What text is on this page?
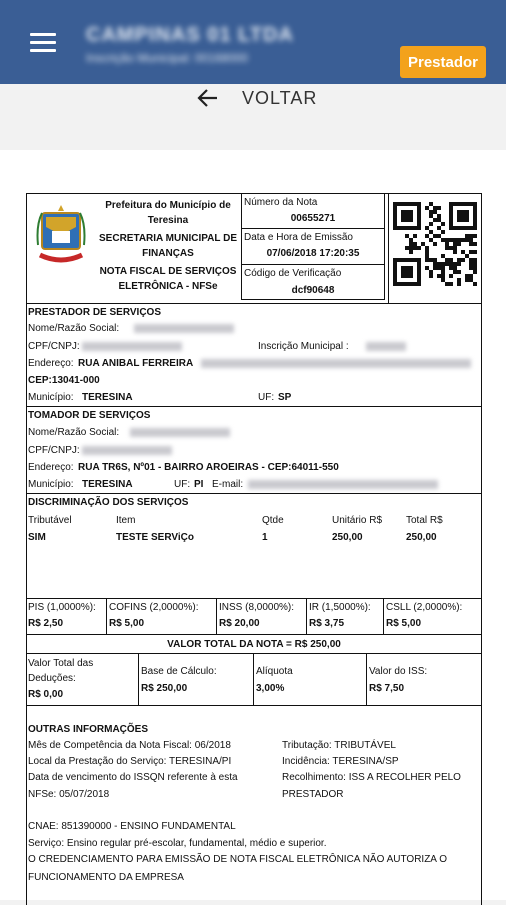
CAMPINAS 01 LTDA
Inscrição Municipal: 00168000	Prestador
VOLTAR
Prefeitura do Município de
Teresina
SECRETARIA MUNICIPAL DE
FINANÇAS
NOTA FISCAL DE SERVIÇOS
ELETRÔNICA - NFSe
Número da Nota
00655271
Data e Hora de Emissão
07/06/2018 17:20:35
Código de Verificação
dcf90648
PRESTADOR DE SERVIÇOS
Nome/Razão Social:
CPF/CNPJ:	Inscrição Municipal :
Endereço: RUA ANIBAL FERREIRA
CEP:13041-000
Município: TERESINA	UF: SP
TOMADOR DE SERVIÇOS
Nome/Razão Social:
CPF/CNPJ:
Endereço: RUA TR6S, Nº01 - BAIRRO AROEIRAS - CEP:64011-550
Município: TERESINA	UF: PI E-mail:
DISCRIMINAÇÃO DOS SERVIÇOS
Tributável	Item	Qtde	Unitário R$ Total R$
SIM	TESTE SERViÇo	1	250,00	250,00
PIS (1,0000%):
R$ 2,50
COFINS (2,0000%):
R$ 5,00
INSS (8,0000%):
R$ 20,00
IR (1,5000%):
R$ 3,75
CSLL (2,0000%):
R$ 5,00
VALOR TOTAL DA NOTA = R$ 250,00
Valor Total das
Deduções:
R$ 0,00
Base de Cálculo:
R$ 250,00
Alíquota
3,00%
Valor do ISS:
R$ 7,50
OUTRAS INFORMAÇÕES
Mês de Competência da Nota Fiscal: 06/2018
Local da Prestação do Serviço: TERESINA/PI
Data de vencimento do ISSQN referente à esta
NFSe: 05/07/2018
Tributação: TRIBUTÁVEL
Incidência: TERESINA/SP
Recolhimento: ISS A RECOLHER PELO
PRESTADOR
CNAE: 851390000 - ENSINO FUNDAMENTAL
Serviço: Ensino regular pré-escolar, fundamental, médio e superior.
O CREDENCIAMENTO PARA EMISSÃO DE NOTA FISCAL ELETRÔNICA NÃO AUTORIZA O
FUNCIONAMENTO DA EMPRESA
